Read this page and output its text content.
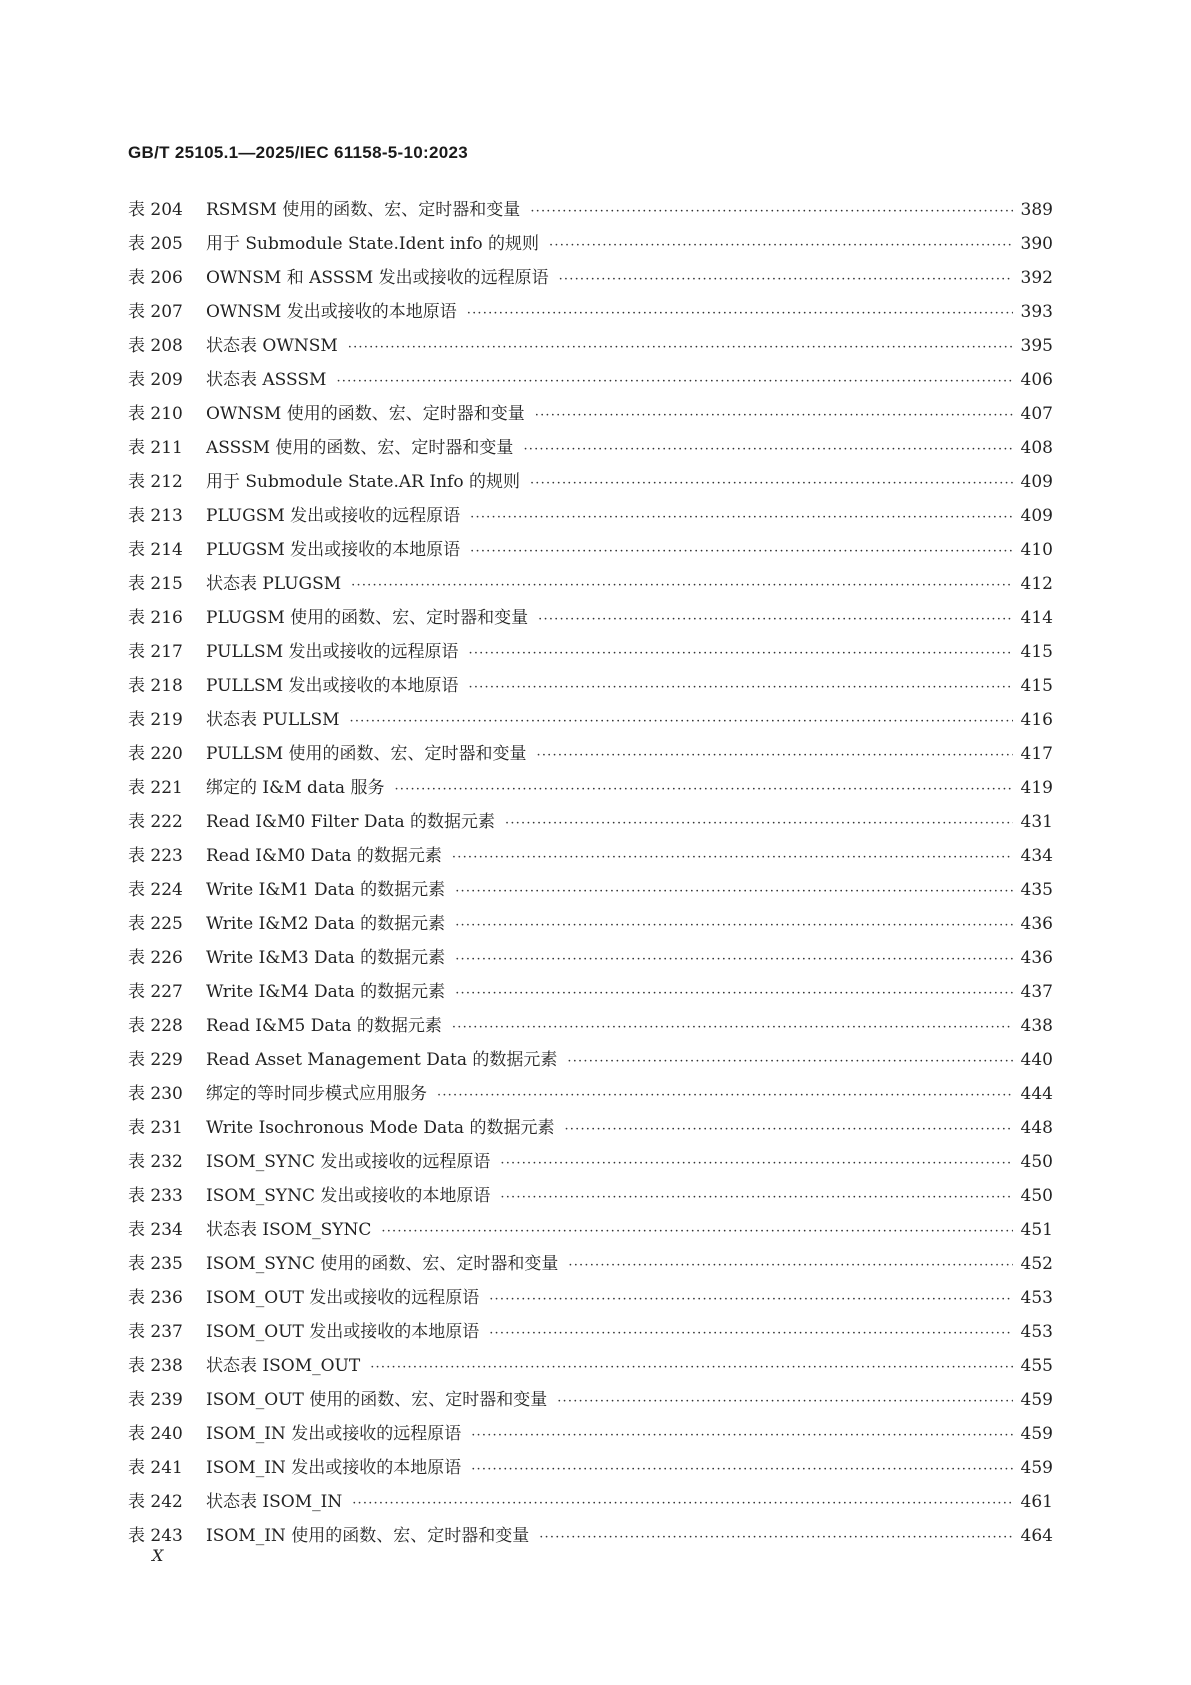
GB/T 25105.1—2025/IEC 61158-5-10:2023
表 204	RSMSM 使用的函数、宏、定时器和变量 ·····	389
表 205	用于 Submodule State.Ident info 的规则 ·····	390
表 206	OWNSM 和 ASSSM 发出或接收的远程原语 ·····	392
表 207	OWNSM 发出或接收的本地原语 ·····	393
表 208	状态表 OWNSM ·····	395
表 209	状态表 ASSSM ·····	406
表 210	OWNSM 使用的函数、宏、定时器和变量 ·····	407
表 211	ASSSM 使用的函数、宏、定时器和变量 ·····	408
表 212	用于 Submodule State.AR Info 的规则 ·····	409
表 213	PLUGSM 发出或接收的远程原语 ·····	409
表 214	PLUGSM 发出或接收的本地原语 ·····	410
表 215	状态表 PLUGSM ·····	412
表 216	PLUGSM 使用的函数、宏、定时器和变量 ·····	414
表 217	PULLSM 发出或接收的远程原语 ·····	415
表 218	PULLSM 发出或接收的本地原语 ·····	415
表 219	状态表 PULLSM ·····	416
表 220	PULLSM 使用的函数、宏、定时器和变量 ·····	417
表 221	绑定的 I&M data 服务 ·····	419
表 222	Read I&M0 Filter Data 的数据元素 ·····	431
表 223	Read I&M0 Data 的数据元素 ·····	434
表 224	Write I&M1 Data 的数据元素 ·····	435
表 225	Write I&M2 Data 的数据元素 ·····	436
表 226	Write I&M3 Data 的数据元素 ·····	436
表 227	Write I&M4 Data 的数据元素 ·····	437
表 228	Read I&M5 Data 的数据元素 ·····	438
表 229	Read Asset Management Data 的数据元素 ·····	440
表 230	绑定的等时同步模式应用服务 ·····	444
表 231	Write Isochronous Mode Data 的数据元素 ·····	448
表 232	ISOM_SYNC 发出或接收的远程原语 ·····	450
表 233	ISOM_SYNC 发出或接收的本地原语 ·····	450
表 234	状态表 ISOM_SYNC ·····	451
表 235	ISOM_SYNC 使用的函数、宏、定时器和变量 ·····	452
表 236	ISOM_OUT 发出或接收的远程原语 ·····	453
表 237	ISOM_OUT 发出或接收的本地原语 ·····	453
表 238	状态表 ISOM_OUT ·····	455
表 239	ISOM_OUT 使用的函数、宏、定时器和变量 ·····	459
表 240	ISOM_IN 发出或接收的远程原语 ·····	459
表 241	ISOM_IN 发出或接收的本地原语 ·····	459
表 242	状态表 ISOM_IN ·····	461
表 243	ISOM_IN 使用的函数、宏、定时器和变量 ·····	464
X
